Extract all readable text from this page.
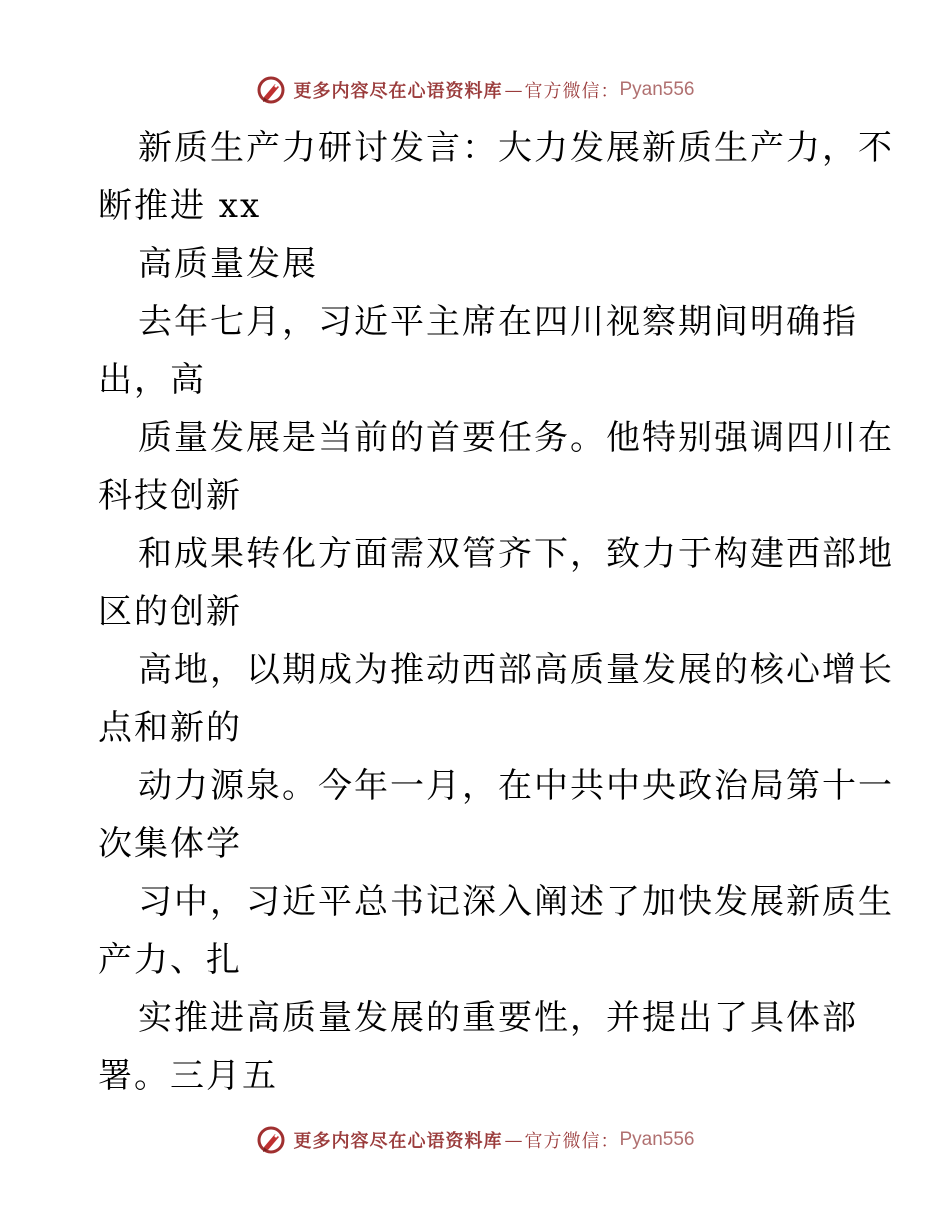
更多内容尽在心语资料库 — 官方微信： Pyan556
新质生产力研讨发言：大力发展新质生产力，不
断推进 xx
高质量发展
去年七月，习近平主席在四川视察期间明确指
出，高
质量发展是当前的首要任务。他特别强调四川在
科技创新
和成果转化方面需双管齐下，致力于构建西部地
区的创新
高地，以期成为推动西部高质量发展的核心增长
点和新的
动力源泉。今年一月，在中共中央政治局第十一
次集体学
习中，习近平总书记深入阐述了加快发展新质生
产力、扎
实推进高质量发展的重要性，并提出了具体部
署。三月五
更多内容尽在心语资料库 — 官方微信： Pyan556
